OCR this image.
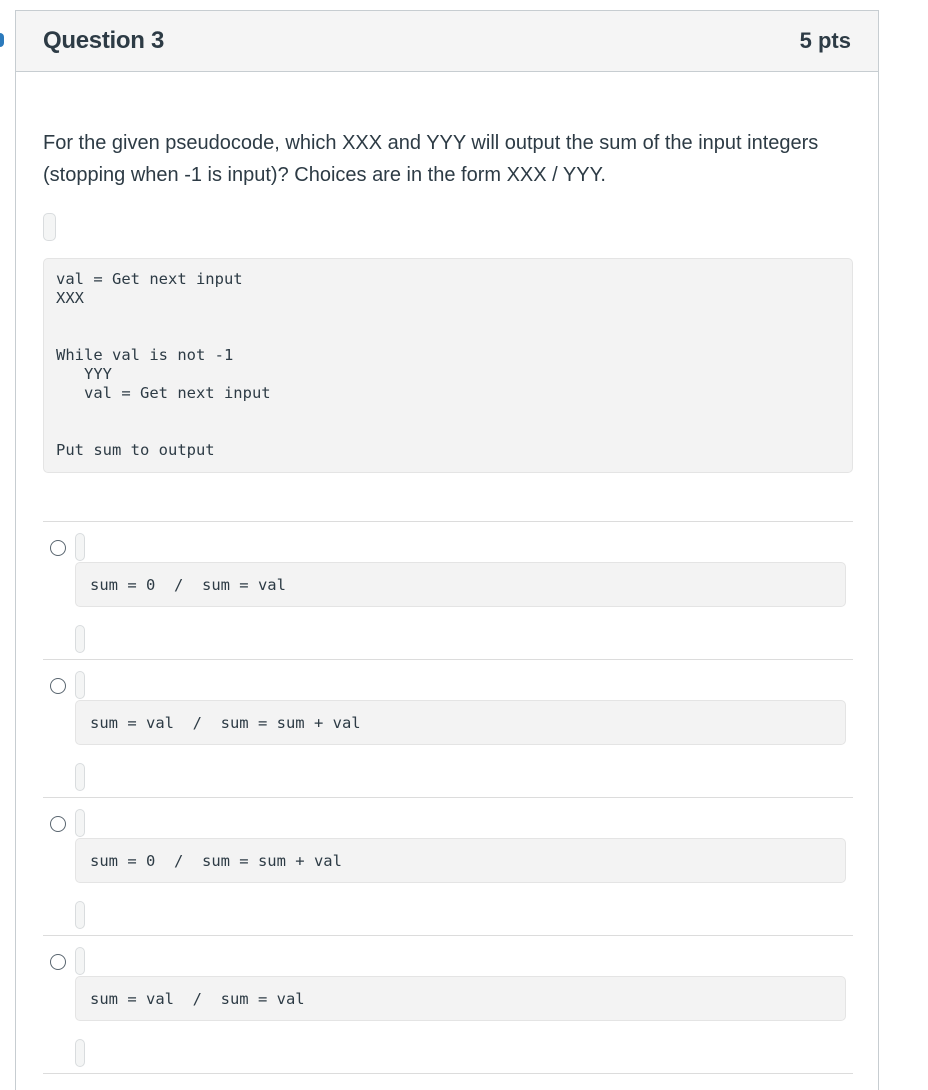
Question 3	5 pts

For the given pseudocode, which XXX and YYY will output the sum of the input integers (stopping when -1 is input)? Choices are in the form XXX / YYY.

val = Get next input
XXX
While val is not -1
YYY
val = Get next input
Put sum to output
sum = 0  /  sum = val
sum = val  /  sum = sum + val
sum = 0  /  sum = sum + val
sum = val  /  sum = val
